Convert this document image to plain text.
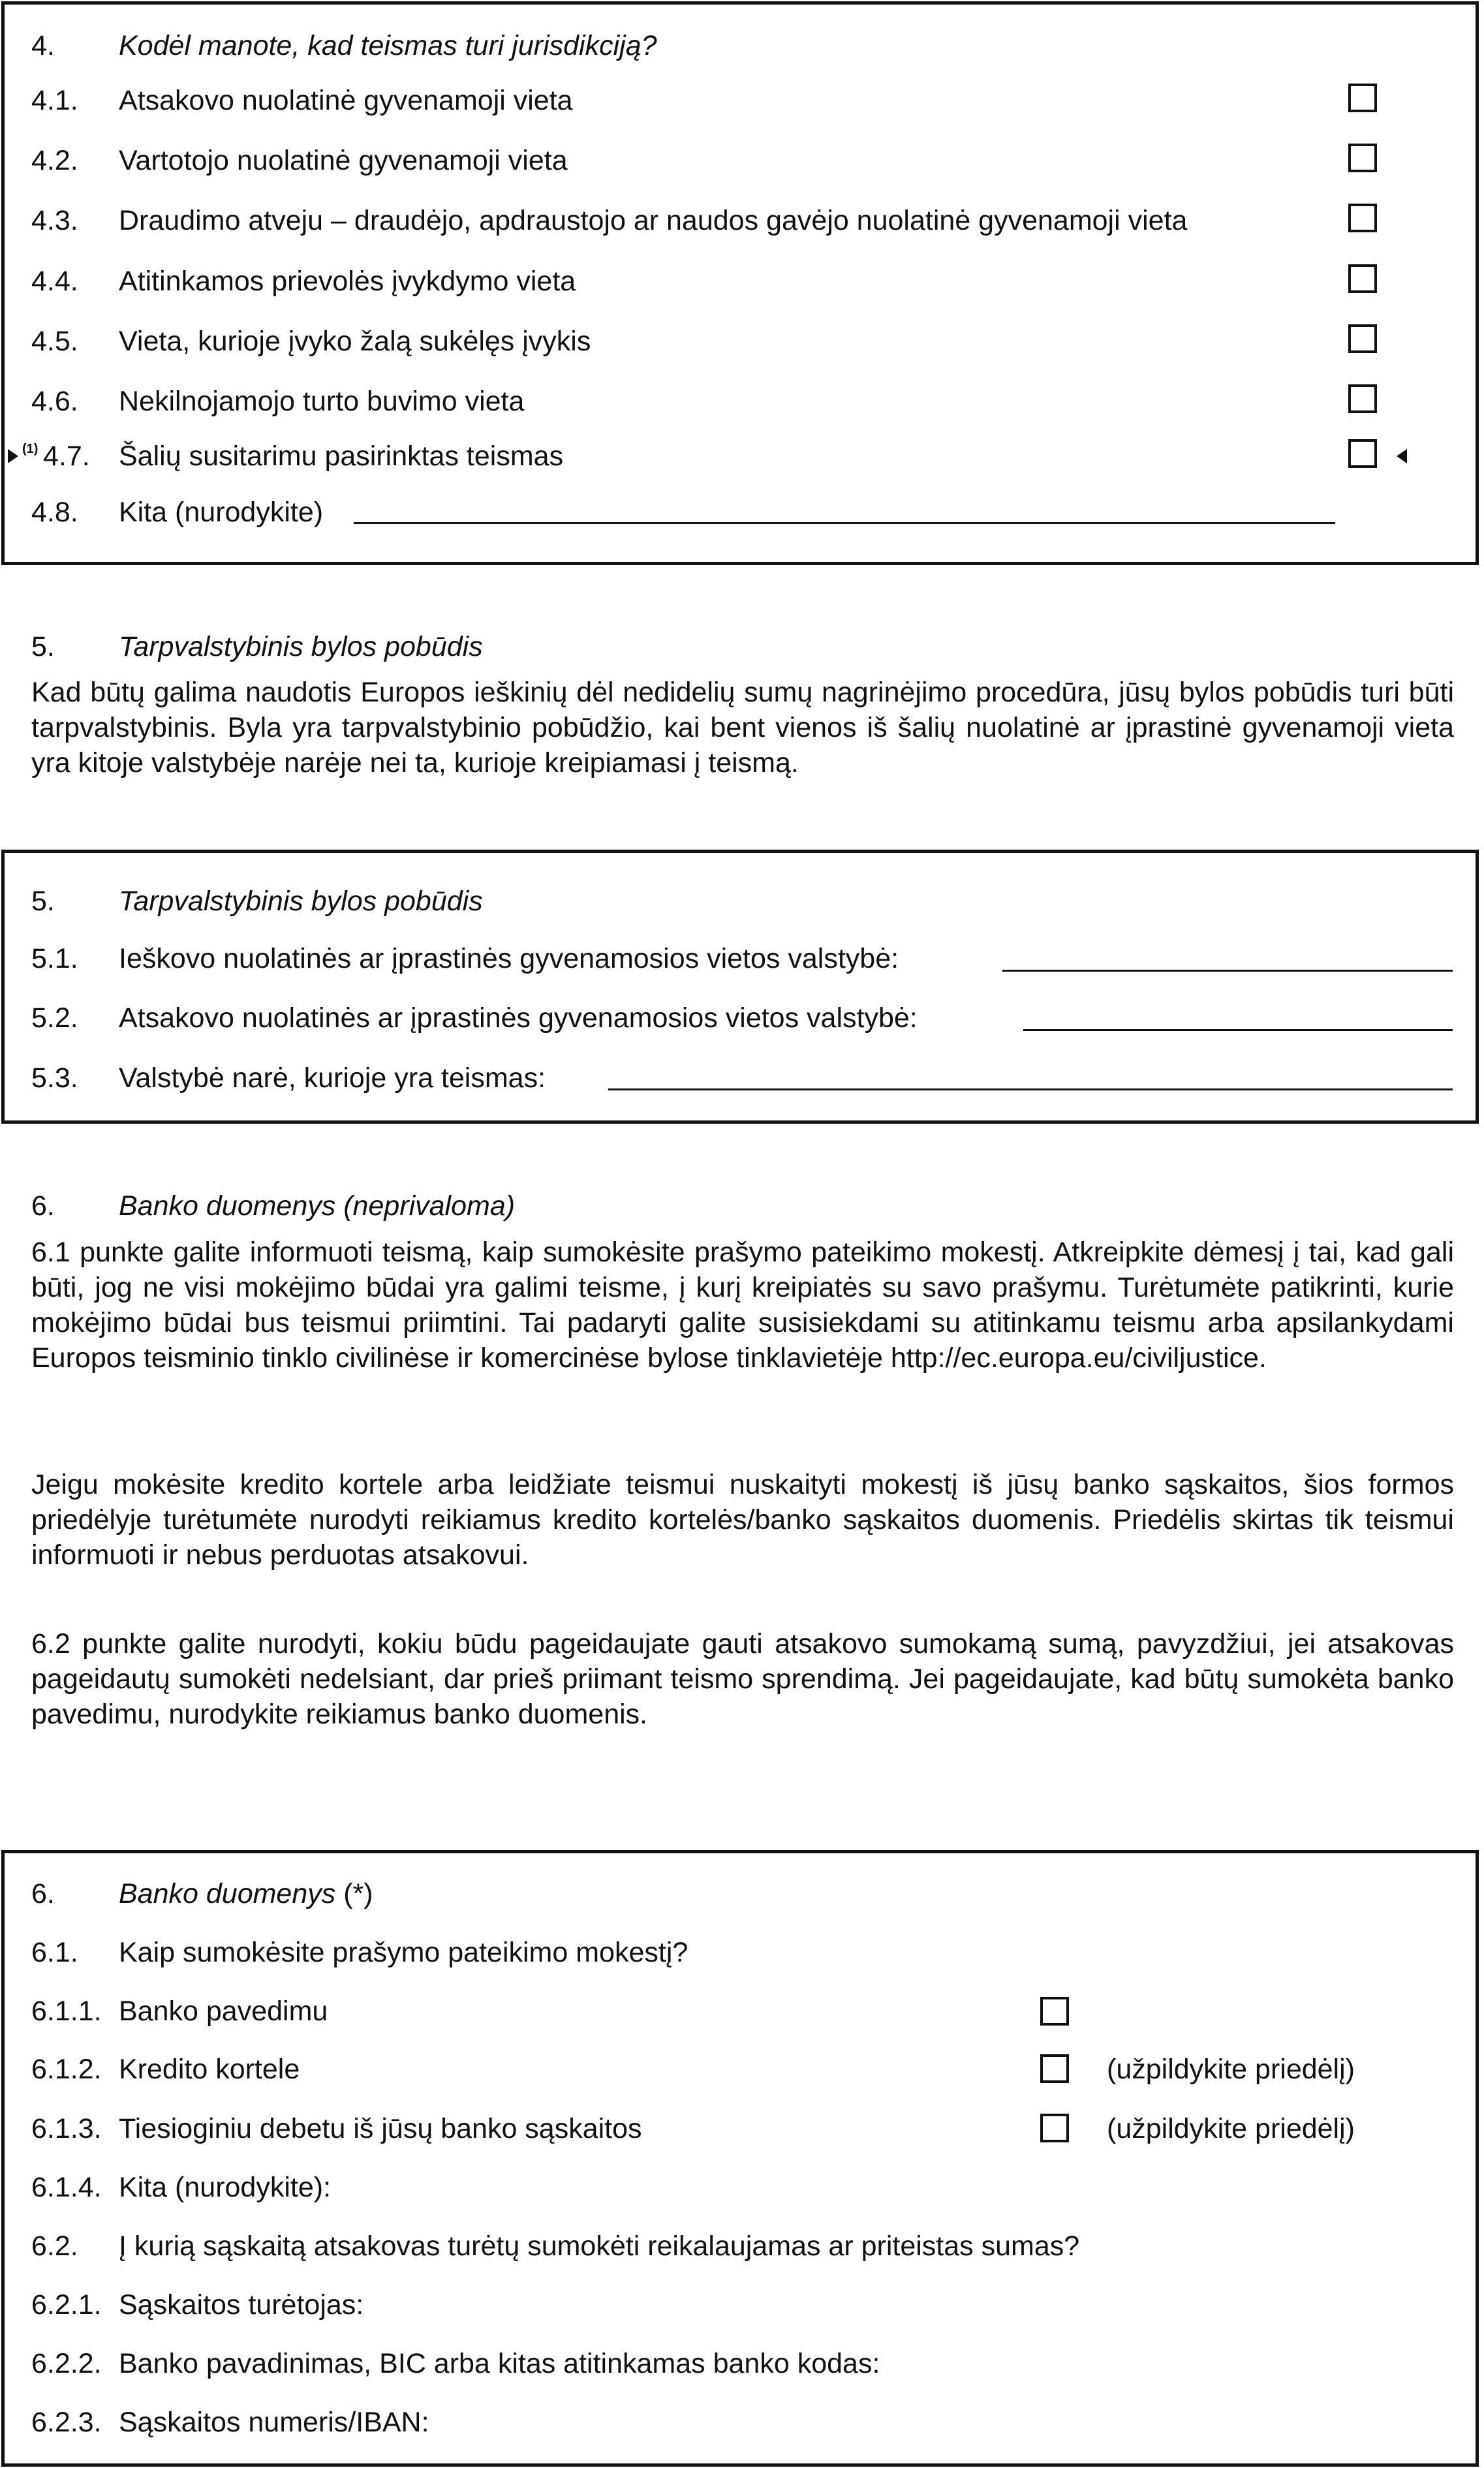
4. Kodėl manote, kad teismas turi jurisdikciją?
4.1. Atsakovo nuolatinė gyvenamoji vieta
4.2. Vartotojo nuolatinė gyvenamoji vieta
4.3. Draudimo atveju – draudėjo, apdraustojo ar naudos gavėjo nuolatinė gyvenamoji vieta
4.4. Atitinkamos prievolės įvykdymo vieta
4.5. Vieta, kurioje įvyko žalą sukėlęs įvykis
4.6. Nekilnojamojo turto buvimo vieta
(1) 4.7. Šalių susitarimu pasirinktas teismas
4.8. Kita (nurodykite)
5. Tarpvalstybinis bylos pobūdis
Kad būtų galima naudotis Europos ieškinių dėl nedidelių sumų nagrinėjimo procedūra, jūsų bylos pobūdis turi būti tarpvalstybinis. Byla yra tarpvalstybinio pobūdžio, kai bent vienos iš šalių nuolatinė ar įprastinė gyvenamoji vieta yra kitoje valstybėje narėje nei ta, kurioje kreipiamasi į teismą.
5. Tarpvalstybinis bylos pobūdis
5.1. Ieškovo nuolatinės ar įprastinės gyvenamosios vietos valstybė:
5.2. Atsakovo nuolatinės ar įprastinės gyvenamosios vietos valstybė:
5.3. Valstybė narė, kurioje yra teismas:
6. Banko duomenys (neprivaloma)
6.1 punkte galite informuoti teismą, kaip sumokėsite prašymo pateikimo mokestį. Atkreipkite dėmesį į tai, kad gali būti, jog ne visi mokėjimo būdai yra galimi teisme, į kurį kreipiatės su savo prašymu. Turėtumėte patikrinti, kurie mokėjimo būdai bus teismui priimtini. Tai padaryti galite susisiekdami su atitinkamu teismu arba apsilankydami Europos teisminio tinklo civilinėse ir komercinėse bylose tinklavietėje http://ec.europa.eu/civiljustice.
Jeigu mokėsite kredito kortele arba leidžiate teismui nuskaityti mokestį iš jūsų banko sąskaitos, šios formos priedėlyje turėtumėte nurodyti reikiamus kredito kortelės/banko sąskaitos duomenis. Priedėlis skirtas tik teismui informuoti ir nebus perduotas atsakovui.
6.2 punkte galite nurodyti, kokiu būdu pageidaujate gauti atsakovo sumokamą sumą, pavyzdžiui, jei atsakovas pageidautų sumokėti nedelsiant, dar prieš priimant teismo sprendimą. Jei pageidaujate, kad būtų sumokėta banko pavedimu, nurodykite reikiamus banko duomenis.
6. Banko duomenys (*)
6.1. Kaip sumokėsite prašymo pateikimo mokestį?
6.1.1. Banko pavedimu
6.1.2. Kredito kortele	(užpildykite priedėlį)
6.1.3. Tiesioginiu debetu iš jūsų banko sąskaitos	(užpildykite priedėlį)
6.1.4. Kita (nurodykite):
6.2. Į kurią sąskaitą atsakovas turėtų sumokėti reikalaujamas ar priteistas sumas?
6.2.1. Sąskaitos turėtojas:
6.2.2. Banko pavadinimas, BIC arba kitas atitinkamas banko kodas:
6.2.3. Sąskaitos numeris/IBAN:
